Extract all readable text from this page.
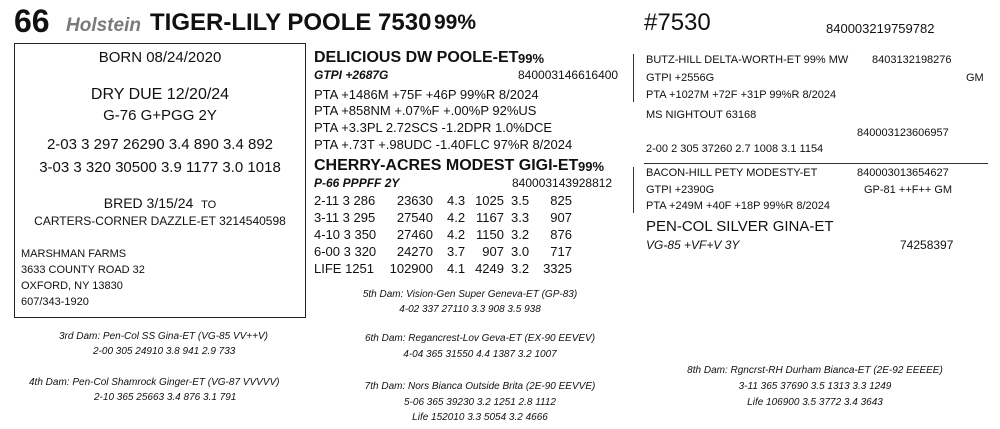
66 Holstein TIGER-LILY POOLE 7530 99%	#7530	840003219759782
BORN 08/24/2020
DRY DUE 12/20/24
G-76 G+PGG 2Y
2-03 3 297 26290 3.4 890 3.4 892
3-03 3 320 30500 3.9 1177 3.0 1018
BRED 3/15/24 TO
CARTERS-CORNER DAZZLE-ET 3214540598
MARSHMAN FARMS
3633 COUNTY ROAD 32
OXFORD, NY 13830
607/343-1920
DELICIOUS DW POOLE-ET 99%
GTPI +2687G	840003146616400
PTA +1486M +75F +46P 99%R 8/2024
PTA +858NM +.07%F +.00%P 92%US
PTA +3.3PL 2.72SCS -1.2DPR 1.0%DCE
PTA +.73T +.98UDC -1.40FLC 97%R 8/2024
CHERRY-ACRES MODEST GIGI-ET 99%
P-66 PPPFF 2Y	840003143928812
2-11 3 286	23630 4.3 1025 3.5	825
3-11 3 295	27540 4.2 1167 3.3	907
4-10 3 350	27460 4.2 1150 3.2	876
6-00 3 320	24270 3.7	907 3.0	717
LIFE 1251	102900 4.1 4249 3.2 3325
BUTZ-HILL DELTA-WORTH-ET 99% MW 8403132198276
GTPI +2556G	GM
PTA +1027M +72F +31P 99%R 8/2024
MS NIGHTOUT 63168
840003123606957
2-00 2 305 37260 2.7 1008 3.1 1154
BACON-HILL PETY MODESTY-ET	840003013654627
GTPI +2390G	GP-81 ++F++ GM
PTA +249M +40F +18P 99%R 8/2024
PEN-COL SILVER GINA-ET
VG-85 +VF+V 3Y	74258397
5th Dam: Vision-Gen Super Geneva-ET (GP-83)
4-02 337 27110 3.3 908 3.5 938
3rd Dam: Pen-Col SS Gina-ET (VG-85 VV++V)
2-00 305 24910 3.8 941 2.9 733
6th Dam: Regancrest-Lov Geva-ET (EX-90 EEVEV)
4-04 365 31550 4.4 1387 3.2 1007
8th Dam: Rgncrst-RH Durham Bianca-ET (2E-92 EEEEE)
3-11 365 37690 3.5 1313 3.3 1249
Life 106900 3.5 3772 3.4 3643
4th Dam: Pen-Col Shamrock Ginger-ET (VG-87 VVVVV)
2-10 365 25663 3.4 876 3.1 791
7th Dam: Nors Bianca Outside Brita (2E-90 EEVVE)
5-06 365 39230 3.2 1251 2.8 1112
Life 152010 3.3 5054 3.2 4666
